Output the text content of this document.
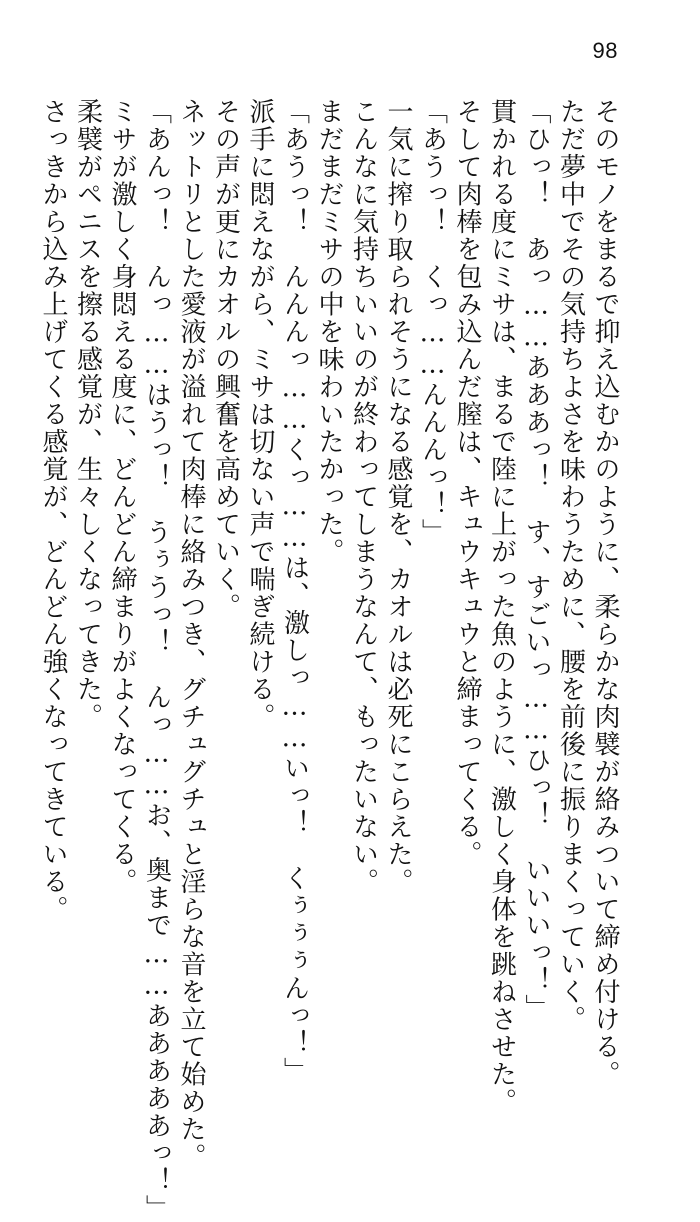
98
そのモノをまるで抑え込むかのように、柔らかな肉襞が絡みついて締め付ける。
ただ夢中でその気持ちよさを味わうために、腰を前後に振りまくっていく。
「ひっ！　あっ……あああっ！　す、すごいっ……ひっ！　いいいっ！」
貫かれる度にミサは、まるで陸に上がった魚のように、激しく身体を跳ねさせた。
そして肉棒を包み込んだ膣は、キュウキュウと締まってくる。
「あうっ！　くっ……んんんっ！」
一気に搾り取られそうになる感覚を、カオルは必死にこらえた。
こんなに気持ちいいのが終わってしまうなんて、もったいない。
まだまだミサの中を味わいたかった。
「あうっ！　んんんっ……くっ……は、激しっ……いっ！　くぅぅぅんっ！」
派手に悶えながら、ミサは切ない声で喘ぎ続ける。
その声が更にカオルの興奮を高めていく。
ネットリとした愛液が溢れて肉棒に絡みつき、グチュグチュと淫らな音を立て始めた。
「あんっ！　んっ……はうっ！　うぅうっ！　んっ……お、奥まで……あああああっ！」
ミサが激しく身悶える度に、どんどん締まりがよくなってくる。
柔襞がペニスを擦る感覚が、生々しくなってきた。
さっきから込み上げてくる感覚が、どんどん強くなってきている。
